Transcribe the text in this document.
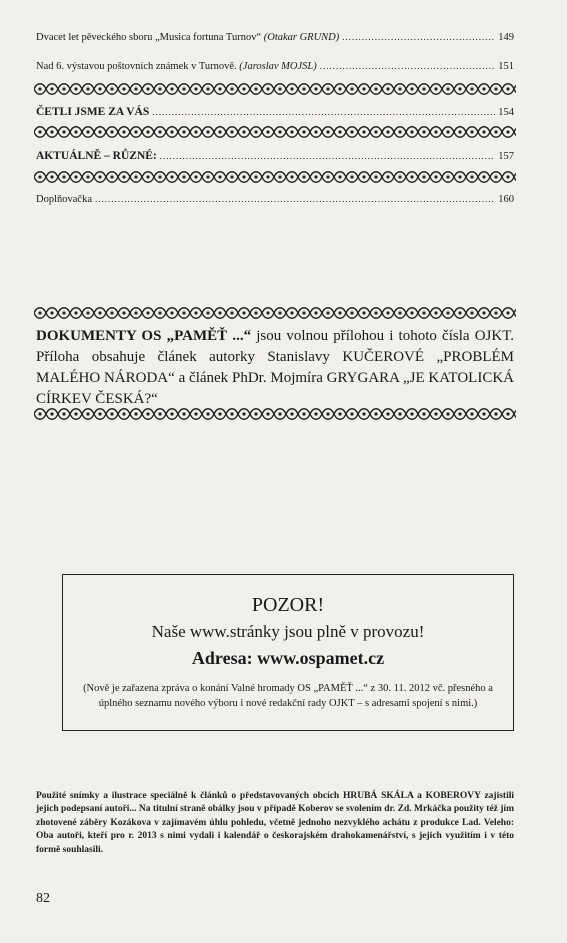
Dvacet let pěveckého sboru „Musica fortuna Turnov“ (Otakar GRUND) .....	149
Nad 6. výstavou poštovních známek v Turnově. (Jaroslav MOJSL) .....	151
ČETLI JSME ZA VÁS .....	154
AKTUÁLNĚ – RŮZNÉ: .....	157
Doplňovačka .....	160
DOKUMENTY OS „PAMĚŤ ...“ jsou volnou přílohou i tohoto čísla OJKT. Příloha obsahuje článek autorky Stanislavy KUČEROVÉ „PROBLÉM MALÉHO NÁRODA“ a článek PhDr. Mojmíra GRYGARA „JE KATOLICKÁ CÍRKEV ČESKÁ?“
POZOR!
Naše www.stránky jsou plně v provozu!
Adresa: www.ospamet.cz
(Nově je zařazena zpráva o konání Valné hromady OS „PAMĚŤ ...“ z 30. 11. 2012 vč. přesného a úplného seznamu nového výboru i nové redakční rady OJKT – s adresami spojení s nimi.)
Použité snímky a ilustrace speciálně k článků o představovaných obcích HRUBÁ SKÁLA a KOBEROVY zajistili jejich podepsaní autoři... Na titulní straně obálky jsou v případě Koberov se svolením dr. Zd. Mrkáčka použity též jím zhotovené záběry Kozákova v zajímavém úhlu pohledu, včetně jednoho nezvyklého achátu z produkce Lad. Veleho: Oba autoři, kteří pro r. 2013 s nimi vydali i kalendář o českorajském drahokamenářství, s jejich využitím i v této formě souhlasili.
82
